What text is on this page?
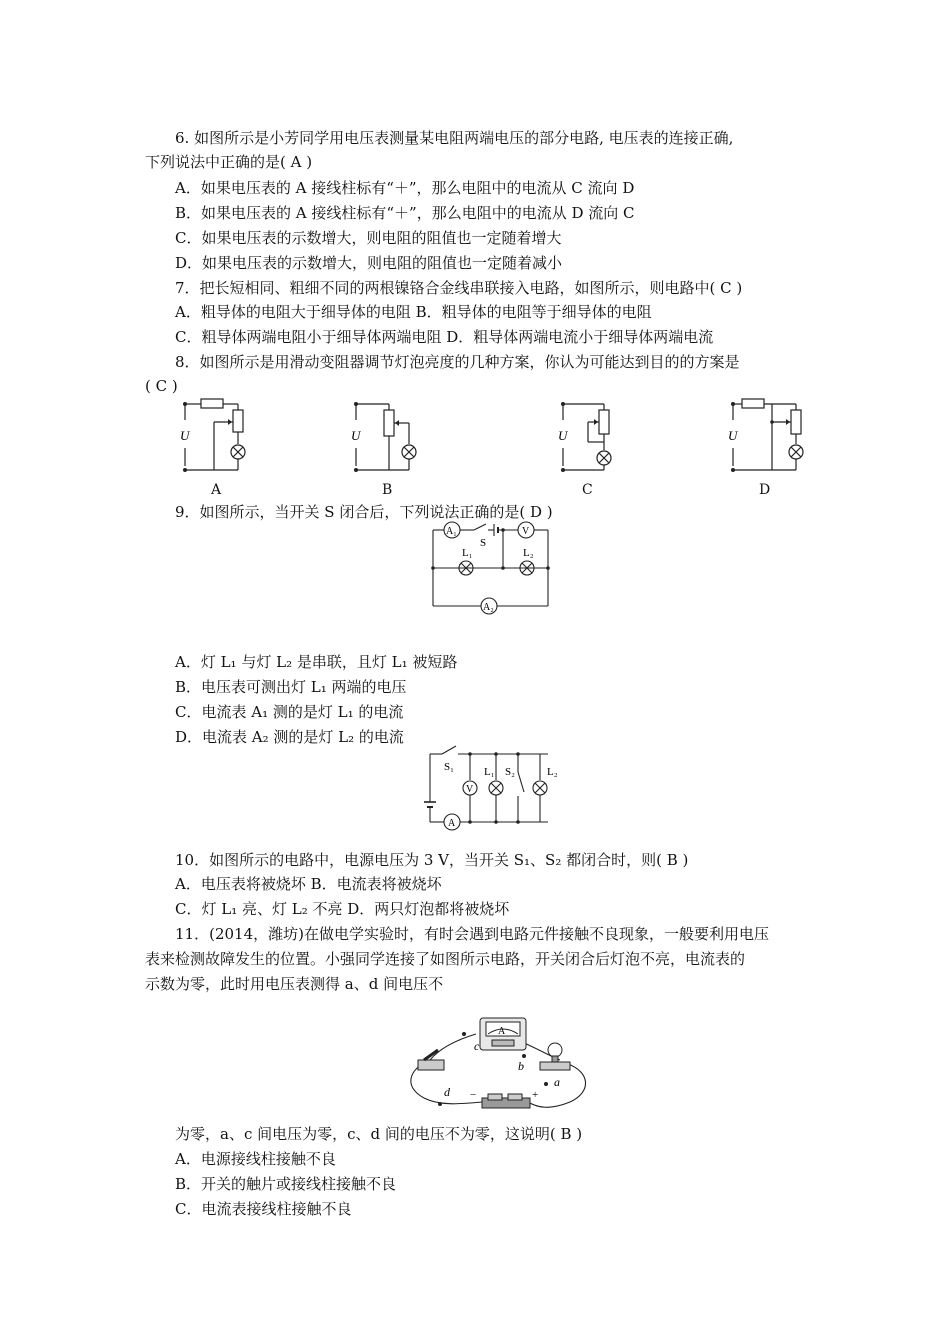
6. 如图所示是小芳同学用电压表测量某电阻两端电压的部分电路, 电压表的连接正确,
下列说法中正确的是( A )
A．如果电压表的 A 接线柱标有“＋”，那么电阻中的电流从 C 流向 D
B．如果电压表的 A 接线柱标有“＋”，那么电阻中的电流从 D 流向 C
C．如果电压表的示数增大，则电阻的阻值也一定随着增大
D．如果电压表的示数增大，则电阻的阻值也一定随着减小
7．把长短相同、粗细不同的两根镍铬合金线串联接入电路，如图所示，则电路中( C )
A．粗导体的电阻大于细导体的电阻 B．粗导体的电阻等于细导体的电阻
C．粗导体两端电阻小于细导体两端电阻 D．粗导体两端电流小于细导体两端电流
8．如图所示是用滑动变阻器调节灯泡亮度的几种方案，你认为可能达到目的的方案是
( C )
U
A
U
B
U
C
U
D
9．如图所示，当开关 S 闭合后，下列说法正确的是( D )
A₁
S
V
L₁	L₂
A₂
A．灯 L₁ 与灯 L₂ 是串联，且灯 L₁ 被短路
B．电压表可测出灯 L₁ 两端的电压
C．电流表 A₁ 测的是灯 L₁ 的电流
D．电流表 A₂ 测的是灯 L₂ 的电流
S₁
V
L₁ S₂	L₂
A
10．如图所示的电路中，电源电压为 3 V，当开关 S₁、S₂ 都闭合时，则( B )
A．电压表将被烧坏 B．电流表将被烧坏
C．灯 L₁ 亮、灯 L₂ 不亮 D．两只灯泡都将被烧坏
11．(2014，潍坊)在做电学实验时，有时会遇到电路元件接触不良现象，一般要利用电压
表来检测故障发生的位置。小强同学连接了如图所示电路，开关闭合后灯泡不亮，电流表的
示数为零，此时用电压表测得 a、d 间电压不
A
c
b
a
d −	+
为零，a、c 间电压为零，c、d 间的电压不为零，这说明( B )
A．电源接线柱接触不良
B．开关的触片或接线柱接触不良
C．电流表接线柱接触不良
